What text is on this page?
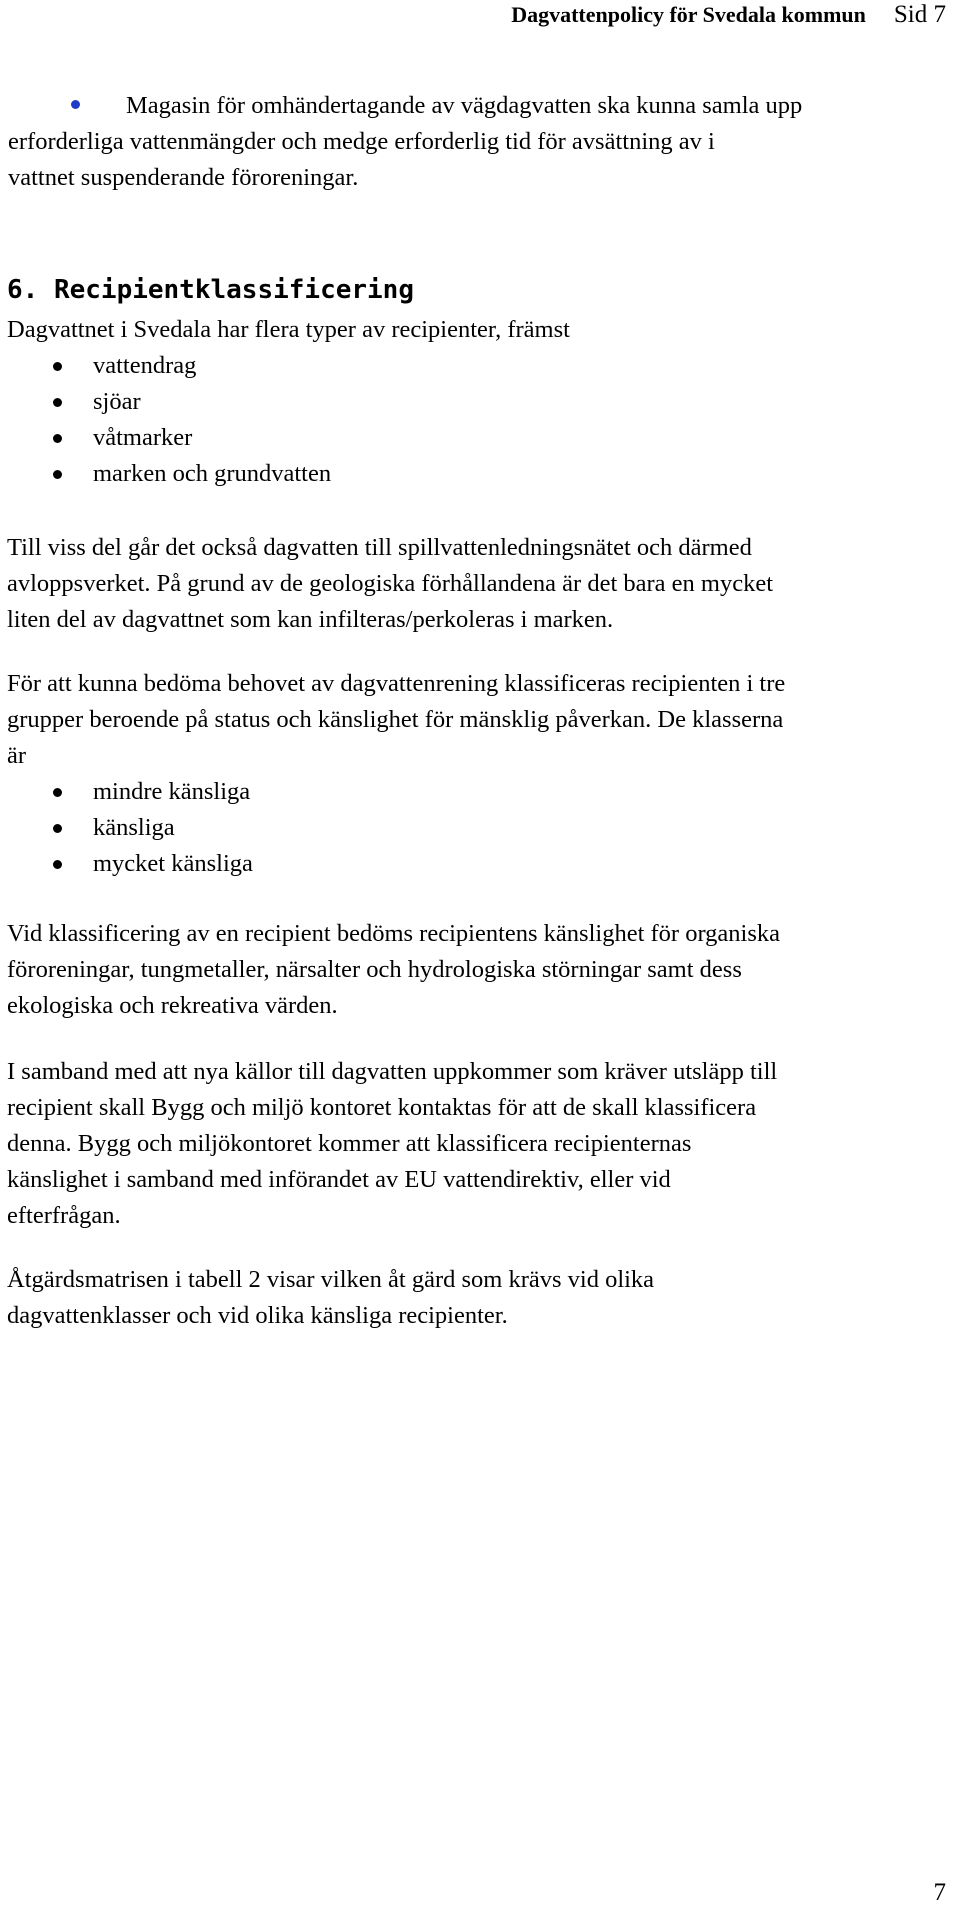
Dagvattenpolicy för Svedala kommun Sid 7
Magasin för omhändertagande av vägdagvatten ska kunna samla upp
erforderliga vattenmängder och medge erforderlig tid för avsättning av i
vattnet suspenderande föroreningar.
6. Recipientklassificering

Dagvattnet i Svedala har flera typer av recipienter, främst

vattendrag
sjöar
våtmarker
marken och grundvatten
Till viss del går det också dagvatten till spillvattenledningsnätet och därmed
avloppsverket. På grund av de geologiska förhållandena är det bara en mycket
liten del av dagvattnet som kan infilteras/perkoleras i marken.
För att kunna bedöma behovet av dagvattenrening klassificeras recipienten i tre
grupper beroende på status och känslighet för mänsklig påverkan. De klasserna
är
mindre känsliga
känsliga
mycket känsliga
Vid klassificering av en recipient bedöms recipientens känslighet för organiska
föroreningar, tungmetaller, närsalter och hydrologiska störningar samt dess
ekologiska och rekreativa värden.
I samband med att nya källor till dagvatten uppkommer som kräver utsläpp till
recipient skall Bygg och miljö kontoret kontaktas för att de skall klassificera
denna. Bygg och miljökontoret kommer att klassificera recipienternas
känslighet i samband med införandet av EU vattendirektiv, eller vid
efterfrågan.
Åtgärdsmatrisen i tabell 2 visar vilken åt gärd som krävs vid olika
dagvattenklasser och vid olika känsliga recipienter.
7
